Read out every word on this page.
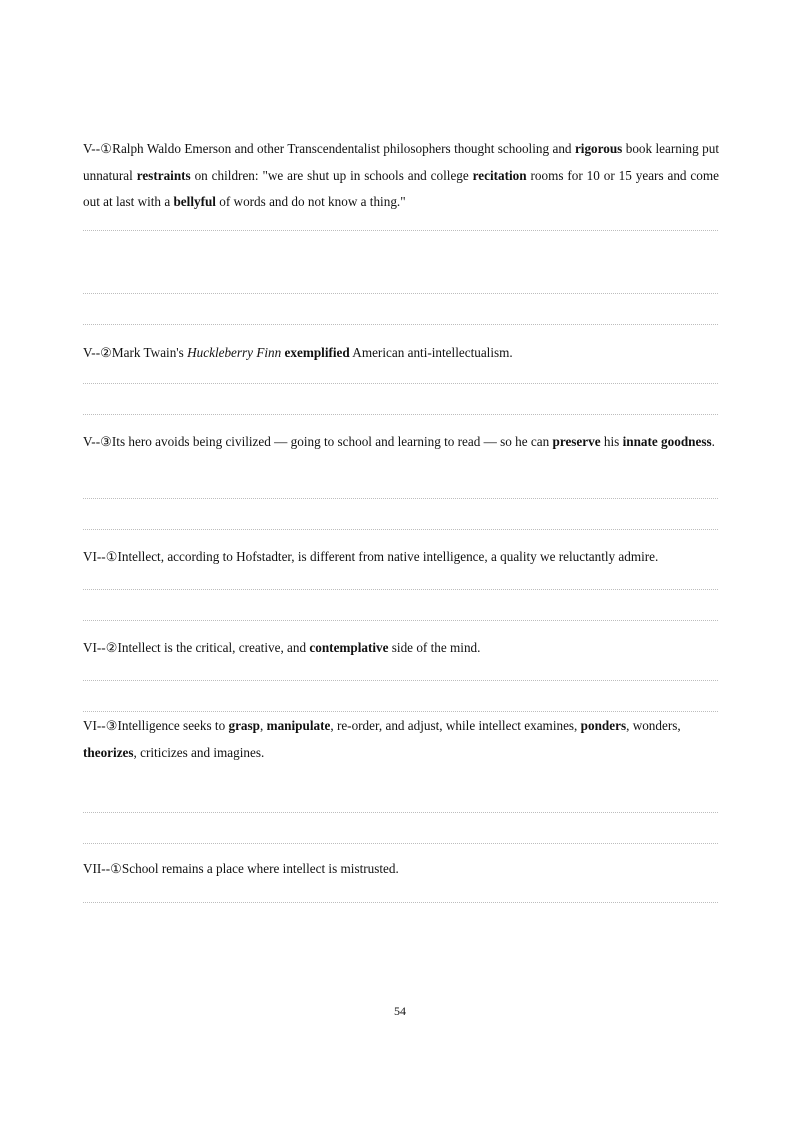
V--①Ralph Waldo Emerson and other Transcendentalist philosophers thought schooling and rigorous book learning put unnatural restraints on children: "we are shut up in schools and college recitation rooms for 10 or 15 years and come out at last with a bellyful of words and do not know a thing."

V--②Mark Twain's Huckleberry Finn exemplified American anti-intellectualism.

V--③Its hero avoids being civilized — going to school and learning to read — so he can preserve his innate goodness.

VI--①Intellect, according to Hofstadter, is different from native intelligence, a quality we reluctantly admire.

VI--②Intellect is the critical, creative, and contemplative side of the mind.

VI--③Intelligence seeks to grasp, manipulate, re-order, and adjust, while intellect examines, ponders, wonders, theorizes, criticizes and imagines.

VII--①School remains a place where intellect is mistrusted.

54
